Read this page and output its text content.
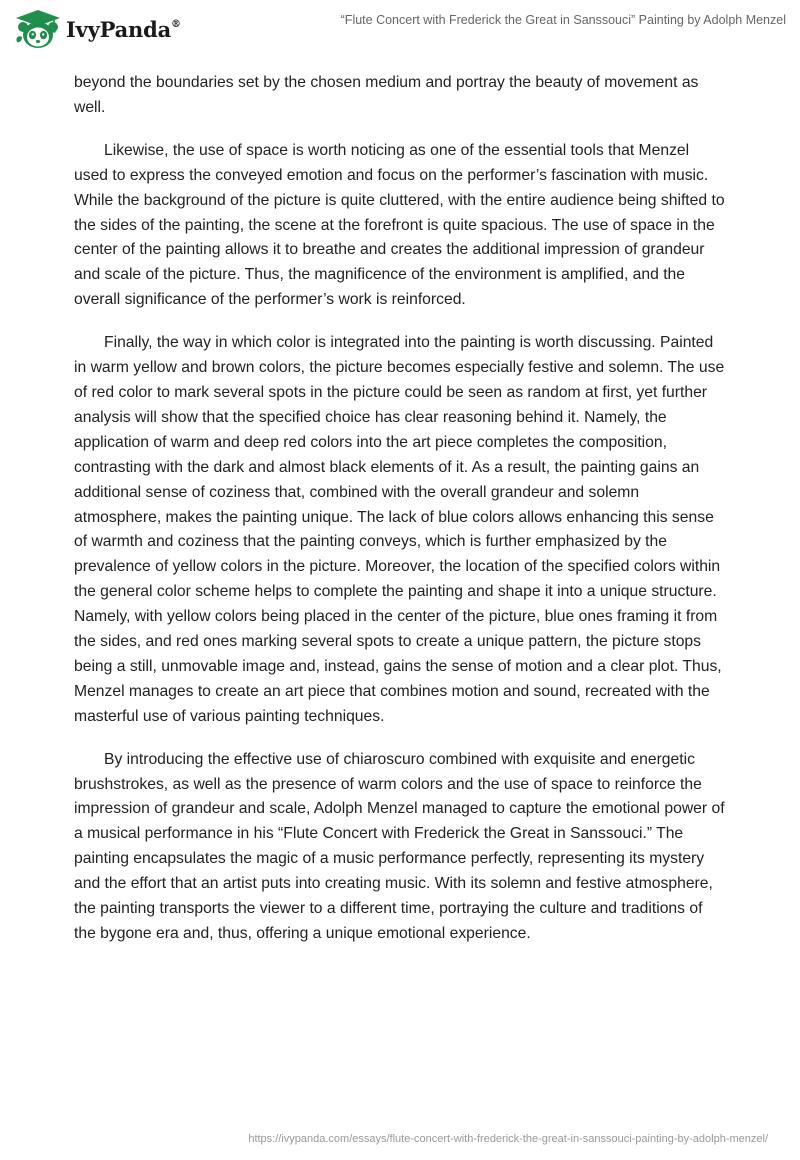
IvyPanda®	“Flute Concert with Frederick the Great in Sanssouci” Painting by Adolph Menzel

beyond the boundaries set by the chosen medium and portray the beauty of movement as well.

Likewise, the use of space is worth noticing as one of the essential tools that Menzel used to express the conveyed emotion and focus on the performer’s fascination with music. While the background of the picture is quite cluttered, with the entire audience being shifted to the sides of the painting, the scene at the forefront is quite spacious. The use of space in the center of the painting allows it to breathe and creates the additional impression of grandeur and scale of the picture. Thus, the magnificence of the environment is amplified, and the overall significance of the performer’s work is reinforced.

Finally, the way in which color is integrated into the painting is worth discussing. Painted in warm yellow and brown colors, the picture becomes especially festive and solemn. The use of red color to mark several spots in the picture could be seen as random at first, yet further analysis will show that the specified choice has clear reasoning behind it. Namely, the application of warm and deep red colors into the art piece completes the composition, contrasting with the dark and almost black elements of it. As a result, the painting gains an additional sense of coziness that, combined with the overall grandeur and solemn atmosphere, makes the painting unique. The lack of blue colors allows enhancing this sense of warmth and coziness that the painting conveys, which is further emphasized by the prevalence of yellow colors in the picture. Moreover, the location of the specified colors within the general color scheme helps to complete the painting and shape it into a unique structure. Namely, with yellow colors being placed in the center of the picture, blue ones framing it from the sides, and red ones marking several spots to create a unique pattern, the picture stops being a still, unmovable image and, instead, gains the sense of motion and a clear plot. Thus, Menzel manages to create an art piece that combines motion and sound, recreated with the masterful use of various painting techniques.

By introducing the effective use of chiaroscuro combined with exquisite and energetic brushstrokes, as well as the presence of warm colors and the use of space to reinforce the impression of grandeur and scale, Adolph Menzel managed to capture the emotional power of a musical performance in his “Flute Concert with Frederick the Great in Sanssouci.” The painting encapsulates the magic of a music performance perfectly, representing its mystery and the effort that an artist puts into creating music. With its solemn and festive atmosphere, the painting transports the viewer to a different time, portraying the culture and traditions of the bygone era and, thus, offering a unique emotional experience.

https://ivypanda.com/essays/flute-concert-with-frederick-the-great-in-sanssouci-painting-by-adolph-menzel/
